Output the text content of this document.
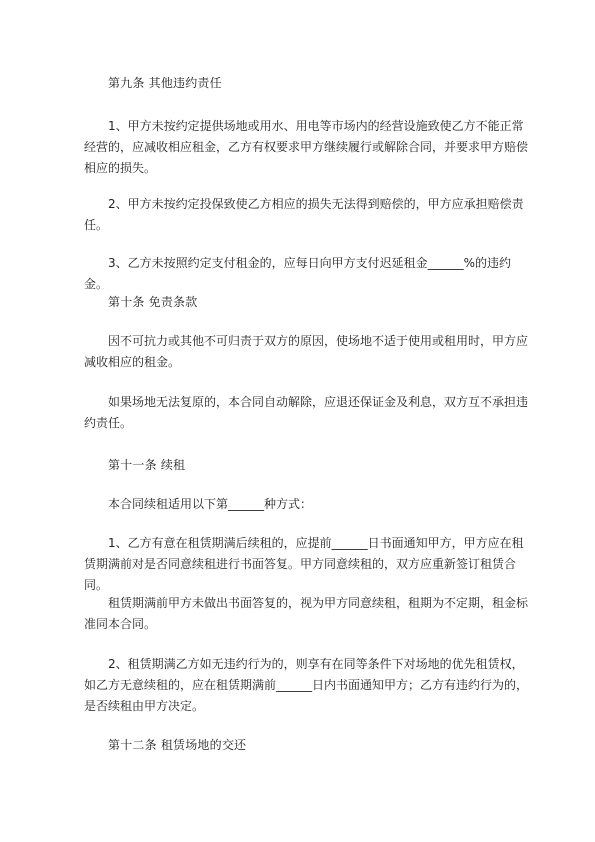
第九条 其他违约责任

1、甲方未按约定提供场地或用水、用电等市场内的经营设施致使乙方不能正常经营的，应减收相应租金，乙方有权要求甲方继续履行或解除合同，并要求甲方赔偿相应的损失。

2、甲方未按约定投保致使乙方相应的损失无法得到赔偿的，甲方应承担赔偿责任。

3、乙方未按照约定支付租金的，应每日向甲方支付迟延租金______%的违约金。

第十条 免责条款

因不可抗力或其他不可归责于双方的原因，使场地不适于使用或租用时，甲方应减收相应的租金。

如果场地无法复原的，本合同自动解除，应退还保证金及利息，双方互不承担违约责任。

第十一条 续租

本合同续租适用以下第______种方式：

1、乙方有意在租赁期满后续租的，应提前______日书面通知甲方，甲方应在租赁期满前对是否同意续租进行书面答复。甲方同意续租的，双方应重新签订租赁合同。

租赁期满前甲方未做出书面答复的，视为甲方同意续租，租期为不定期，租金标准同本合同。

2、租赁期满乙方如无违约行为的，则享有在同等条件下对场地的优先租赁权，如乙方无意续租的，应在租赁期满前______日内书面通知甲方；乙方有违约行为的，是否续租由甲方决定。

第十二条 租赁场地的交还
